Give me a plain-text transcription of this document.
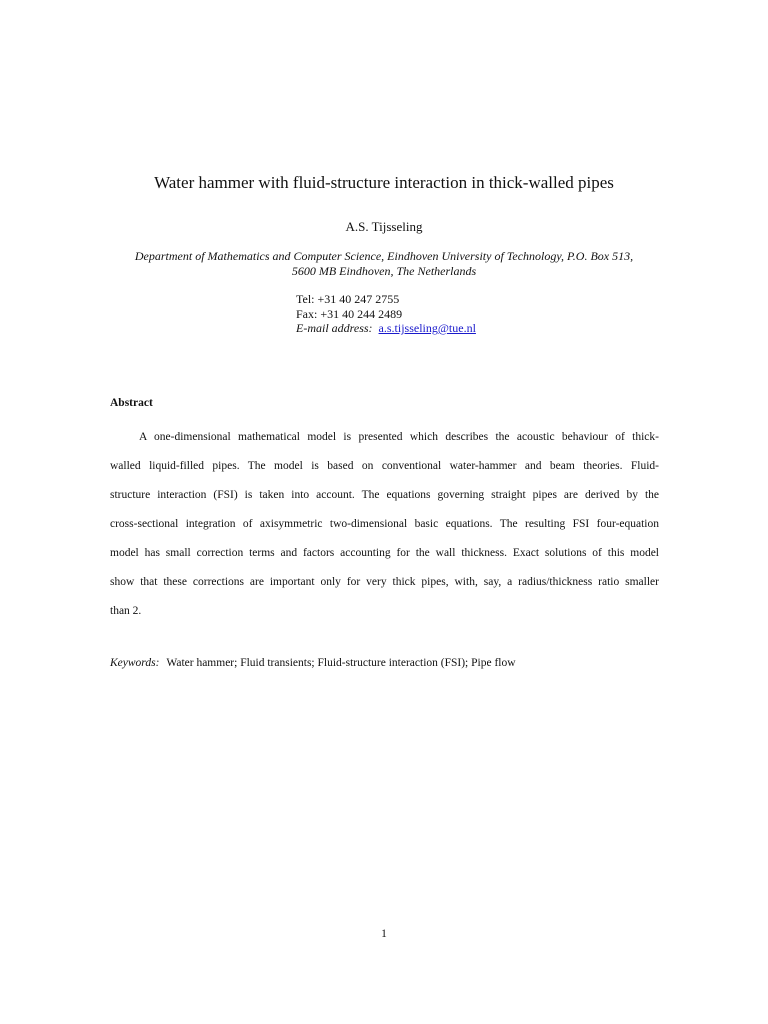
Water hammer with fluid-structure interaction in thick-walled pipes
A.S. Tijsseling
Department of Mathematics and Computer Science, Eindhoven University of Technology, P.O. Box 513,
5600 MB Eindhoven, The Netherlands
Tel: +31 40 247 2755
Fax: +31 40 244 2489
E-mail address: a.s.tijsseling@tue.nl
Abstract
A one-dimensional mathematical model is presented which describes the acoustic behaviour of thick-
walled liquid-filled pipes. The model is based on conventional water-hammer and beam theories. Fluid-
structure interaction (FSI) is taken into account. The equations governing straight pipes are derived by the
cross-sectional integration of axisymmetric two-dimensional basic equations. The resulting FSI four-equation
model has small correction terms and factors accounting for the wall thickness. Exact solutions of this model
show that these corrections are important only for very thick pipes, with, say, a radius/thickness ratio smaller
than 2.
Keywords: Water hammer; Fluid transients; Fluid-structure interaction (FSI); Pipe flow
1
